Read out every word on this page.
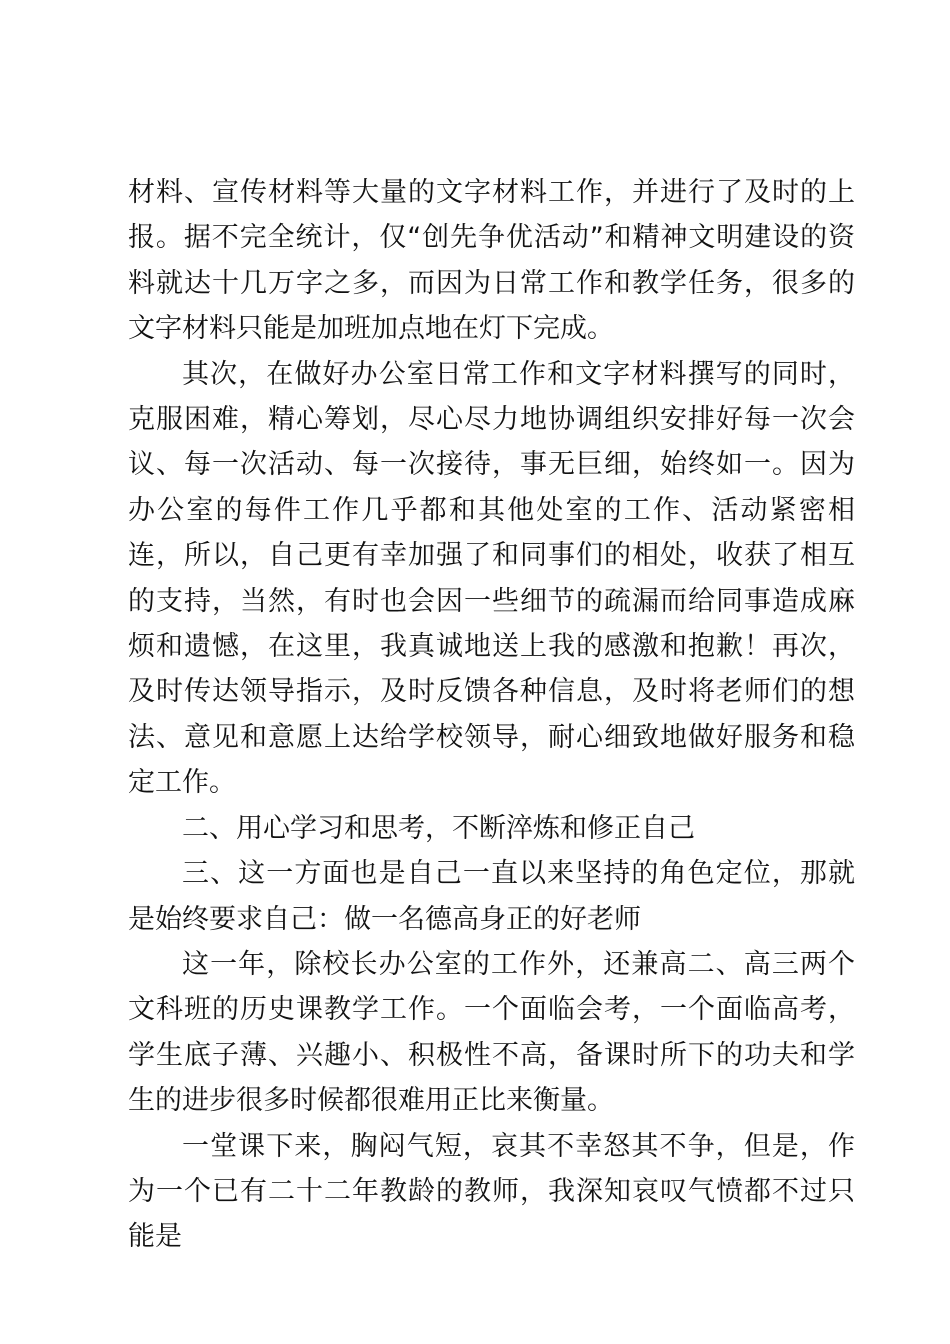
材料、宣传材料等大量的文字材料工作，并进行了及时的上报。据不完全统计，仅“创先争优活动”和精神文明建设的资料就达十几万字之多，而因为日常工作和教学任务，很多的文字材料只能是加班加点地在灯下完成。

其次，在做好办公室日常工作和文字材料撰写的同时，克服困难，精心筹划，尽心尽力地协调组织安排好每一次会议、每一次活动、每一次接待，事无巨细，始终如一。因为办公室的每件工作几乎都和其他处室的工作、活动紧密相连，所以，自己更有幸加强了和同事们的相处，收获了相互的支持，当然，有时也会因一些细节的疏漏而给同事造成麻烦和遗憾，在这里，我真诚地送上我的感激和抱歉！再次，及时传达领导指示，及时反馈各种信息，及时将老师们的想法、意见和意愿上达给学校领导，耐心细致地做好服务和稳定工作。

二、用心学习和思考，不断淬炼和修正自己

三、这一方面也是自己一直以来坚持的角色定位，那就是始终要求自己：做一名德高身正的好老师

这一年，除校长办公室的工作外，还兼高二、高三两个文科班的历史课教学工作。一个面临会考，一个面临高考，学生底子薄、兴趣小、积极性不高，备课时所下的功夫和学生的进步很多时候都很难用正比来衡量。

一堂课下来，胸闷气短，哀其不幸怒其不争，但是，作为一个已有二十二年教龄的教师，我深知哀叹气愤都不过只能是
